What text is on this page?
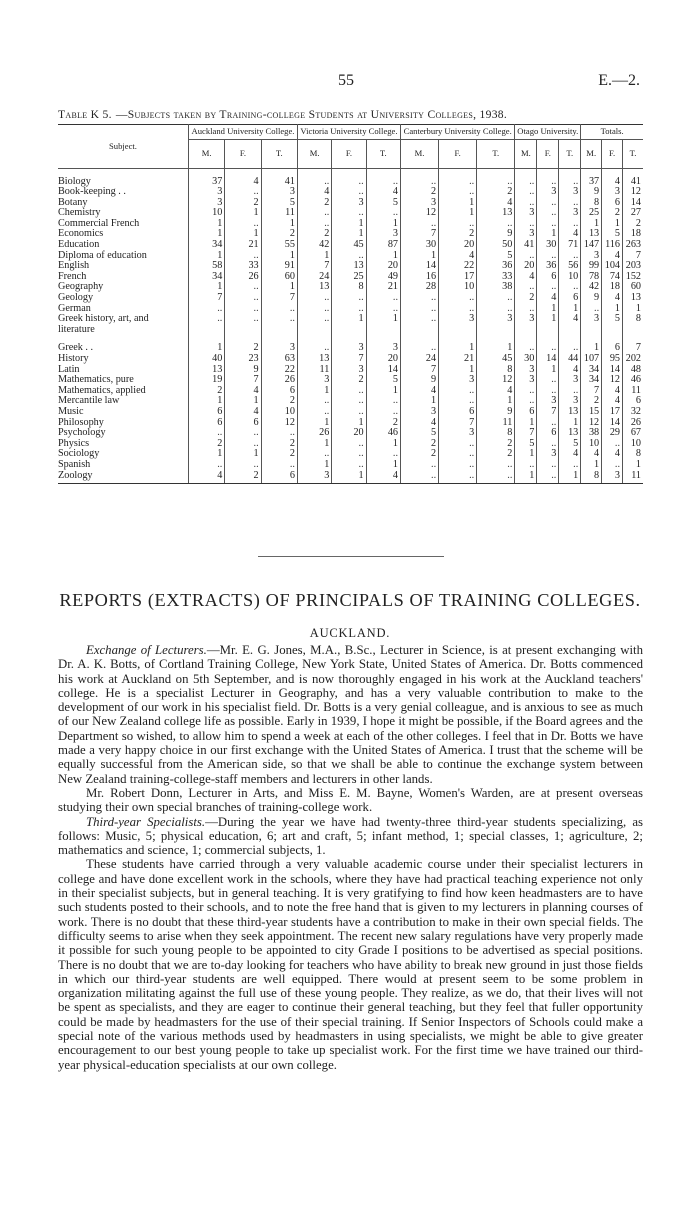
55	E.—2.
Table K 5. —Subjects taken by Training-college Students at University Colleges, 1938.
Subject.	Auckland University College.			Victoria University College.			Canterbury University College.			Otago University.			Totals.		
	M.	F.	T.	M.	F.	T.	M.	F.	T.	M.	F.	T.	M.	F.	T.

Biology	37	4	41	..	..	..	..	..	..	..	..	..	37	4	41
Book-keeping . .	3	..	3	4	..	4	2	..	2	..	3	3	9	3	12
Botany	3	2	5	2	3	5	3	1	4	..	..	..	8	6	14
Chemistry	10	1	11	..	..	..	12	1	13	3	..	3	25	2	27
Commercial French	1	..	1	..	1	1	..	..	..	..	..	..	1	1	2
Economics	1	1	2	2	1	3	7	2	9	3	1	4	13	5	18
Education	34	21	55	42	45	87	30	20	50	41	30	71	147	116	263
Diploma of education	1	..	1	1	..	1	1	4	5	..	..	..	3	4	7
English	58	33	91	7	13	20	14	22	36	20	36	56	99	104	203
French	34	26	60	24	25	49	16	17	33	4	6	10	78	74	152
Geography	1	..	1	13	8	21	28	10	38	..	..	..	42	18	60
Geology	7	..	7	..	..	..	..	..	..	2	4	6	9	4	13
German	..	..	..	..	..	..	..	..	..	..	1	1	..	1	1
Greek history, art, and literature	..	..	..	..	1	1	..	3	3	3	1	4	3	5	8

Greek . .	1	2	3	..	3	3	..	1	1	..	..	..	1	6	7
History	40	23	63	13	7	20	24	21	45	30	14	44	107	95	202
Latin	13	9	22	11	3	14	7	1	8	3	1	4	34	14	48
Mathematics, pure	19	7	26	3	2	5	9	3	12	3	..	3	34	12	46
Mathematics, applied	2	4	6	1	..	1	4	..	4	..	..	..	7	4	11
Mercantile law	1	1	2	..	..	..	1	..	1	..	3	3	2	4	6
Music	6	4	10	..	..	..	3	6	9	6	7	13	15	17	32
Philosophy	6	6	12	1	1	2	4	7	11	1	..	1	12	14	26
Psychology	..	..	..	26	20	46	5	3	8	7	6	13	38	29	67
Physics	2	..	2	1	..	1	2	..	2	5	..	5	10	..	10
Sociology	1	1	2	..	..	..	2	..	2	1	3	4	4	4	8
Spanish	..	..	..	1	..	1	..	..	..	..	..	..	1	..	1
Zoology	4	2	6	3	1	4	..	..	..	1	..	1	8	3	11
REPORTS (EXTRACTS) OF PRINCIPALS OF TRAINING COLLEGES.
AUCKLAND.

Exchange of Lecturers.—Mr. E. G. Jones, M.A., B.Sc., Lecturer in Science, is at present exchanging with Dr. A. K. Botts, of Cortland Training College, New York State, United States of America. Dr. Botts commenced his work at Auckland on 5th September, and is now thoroughly engaged in his work at the Auckland teachers' college. He is a specialist Lecturer in Geography, and has a very valuable contribution to make to the development of our work in his specialist field. Dr. Botts is a very genial colleague, and is anxious to see as much of our New Zealand college life as possible. Early in 1939, I hope it might be possible, if the Board agrees and the Department so wished, to allow him to spend a week at each of the other colleges. I feel that in Dr. Botts we have made a very happy choice in our first exchange with the United States of America. I trust that the scheme will be equally successful from the American side, so that we shall be able to continue the exchange system between New Zealand training-college-staff members and lecturers in other lands.

Mr. Robert Donn, Lecturer in Arts, and Miss E. M. Bayne, Women's Warden, are at present overseas studying their own special branches of training-college work.

Third-year Specialists.—During the year we have had twenty-three third-year students specializing, as follows: Music, 5; physical education, 6; art and craft, 5; infant method, 1; special classes, 1; agriculture, 2; mathematics and science, 1; commercial subjects, 1.

These students have carried through a very valuable academic course under their specialist lecturers in college and have done excellent work in the schools, where they have had practical teaching experience not only in their specialist subjects, but in general teaching. It is very gratifying to find how keen headmasters are to have such students posted to their schools, and to note the free hand that is given to my lecturers in planning courses of work. There is no doubt that these third-year students have a contribution to make in their own special fields. The difficulty seems to arise when they seek appointment. The recent new salary regulations have very properly made it possible for such young people to be appointed to city Grade I positions to be advertised as special positions. There is no doubt that we are to-day looking for teachers who have ability to break new ground in just those fields in which our third-year students are well equipped. There would at present seem to be some problem in organization militating against the full use of these young people. They realize, as we do, that their lives will not be spent as specialists, and they are eager to continue their general teaching, but they feel that fuller opportunity could be made by headmasters for the use of their special training. If Senior Inspectors of Schools could make a special note of the various methods used by headmasters in using specialists, we might be able to give greater encouragement to our best young people to take up specialist work. For the first time we have trained our third-year physical-education specialists at our own college.
